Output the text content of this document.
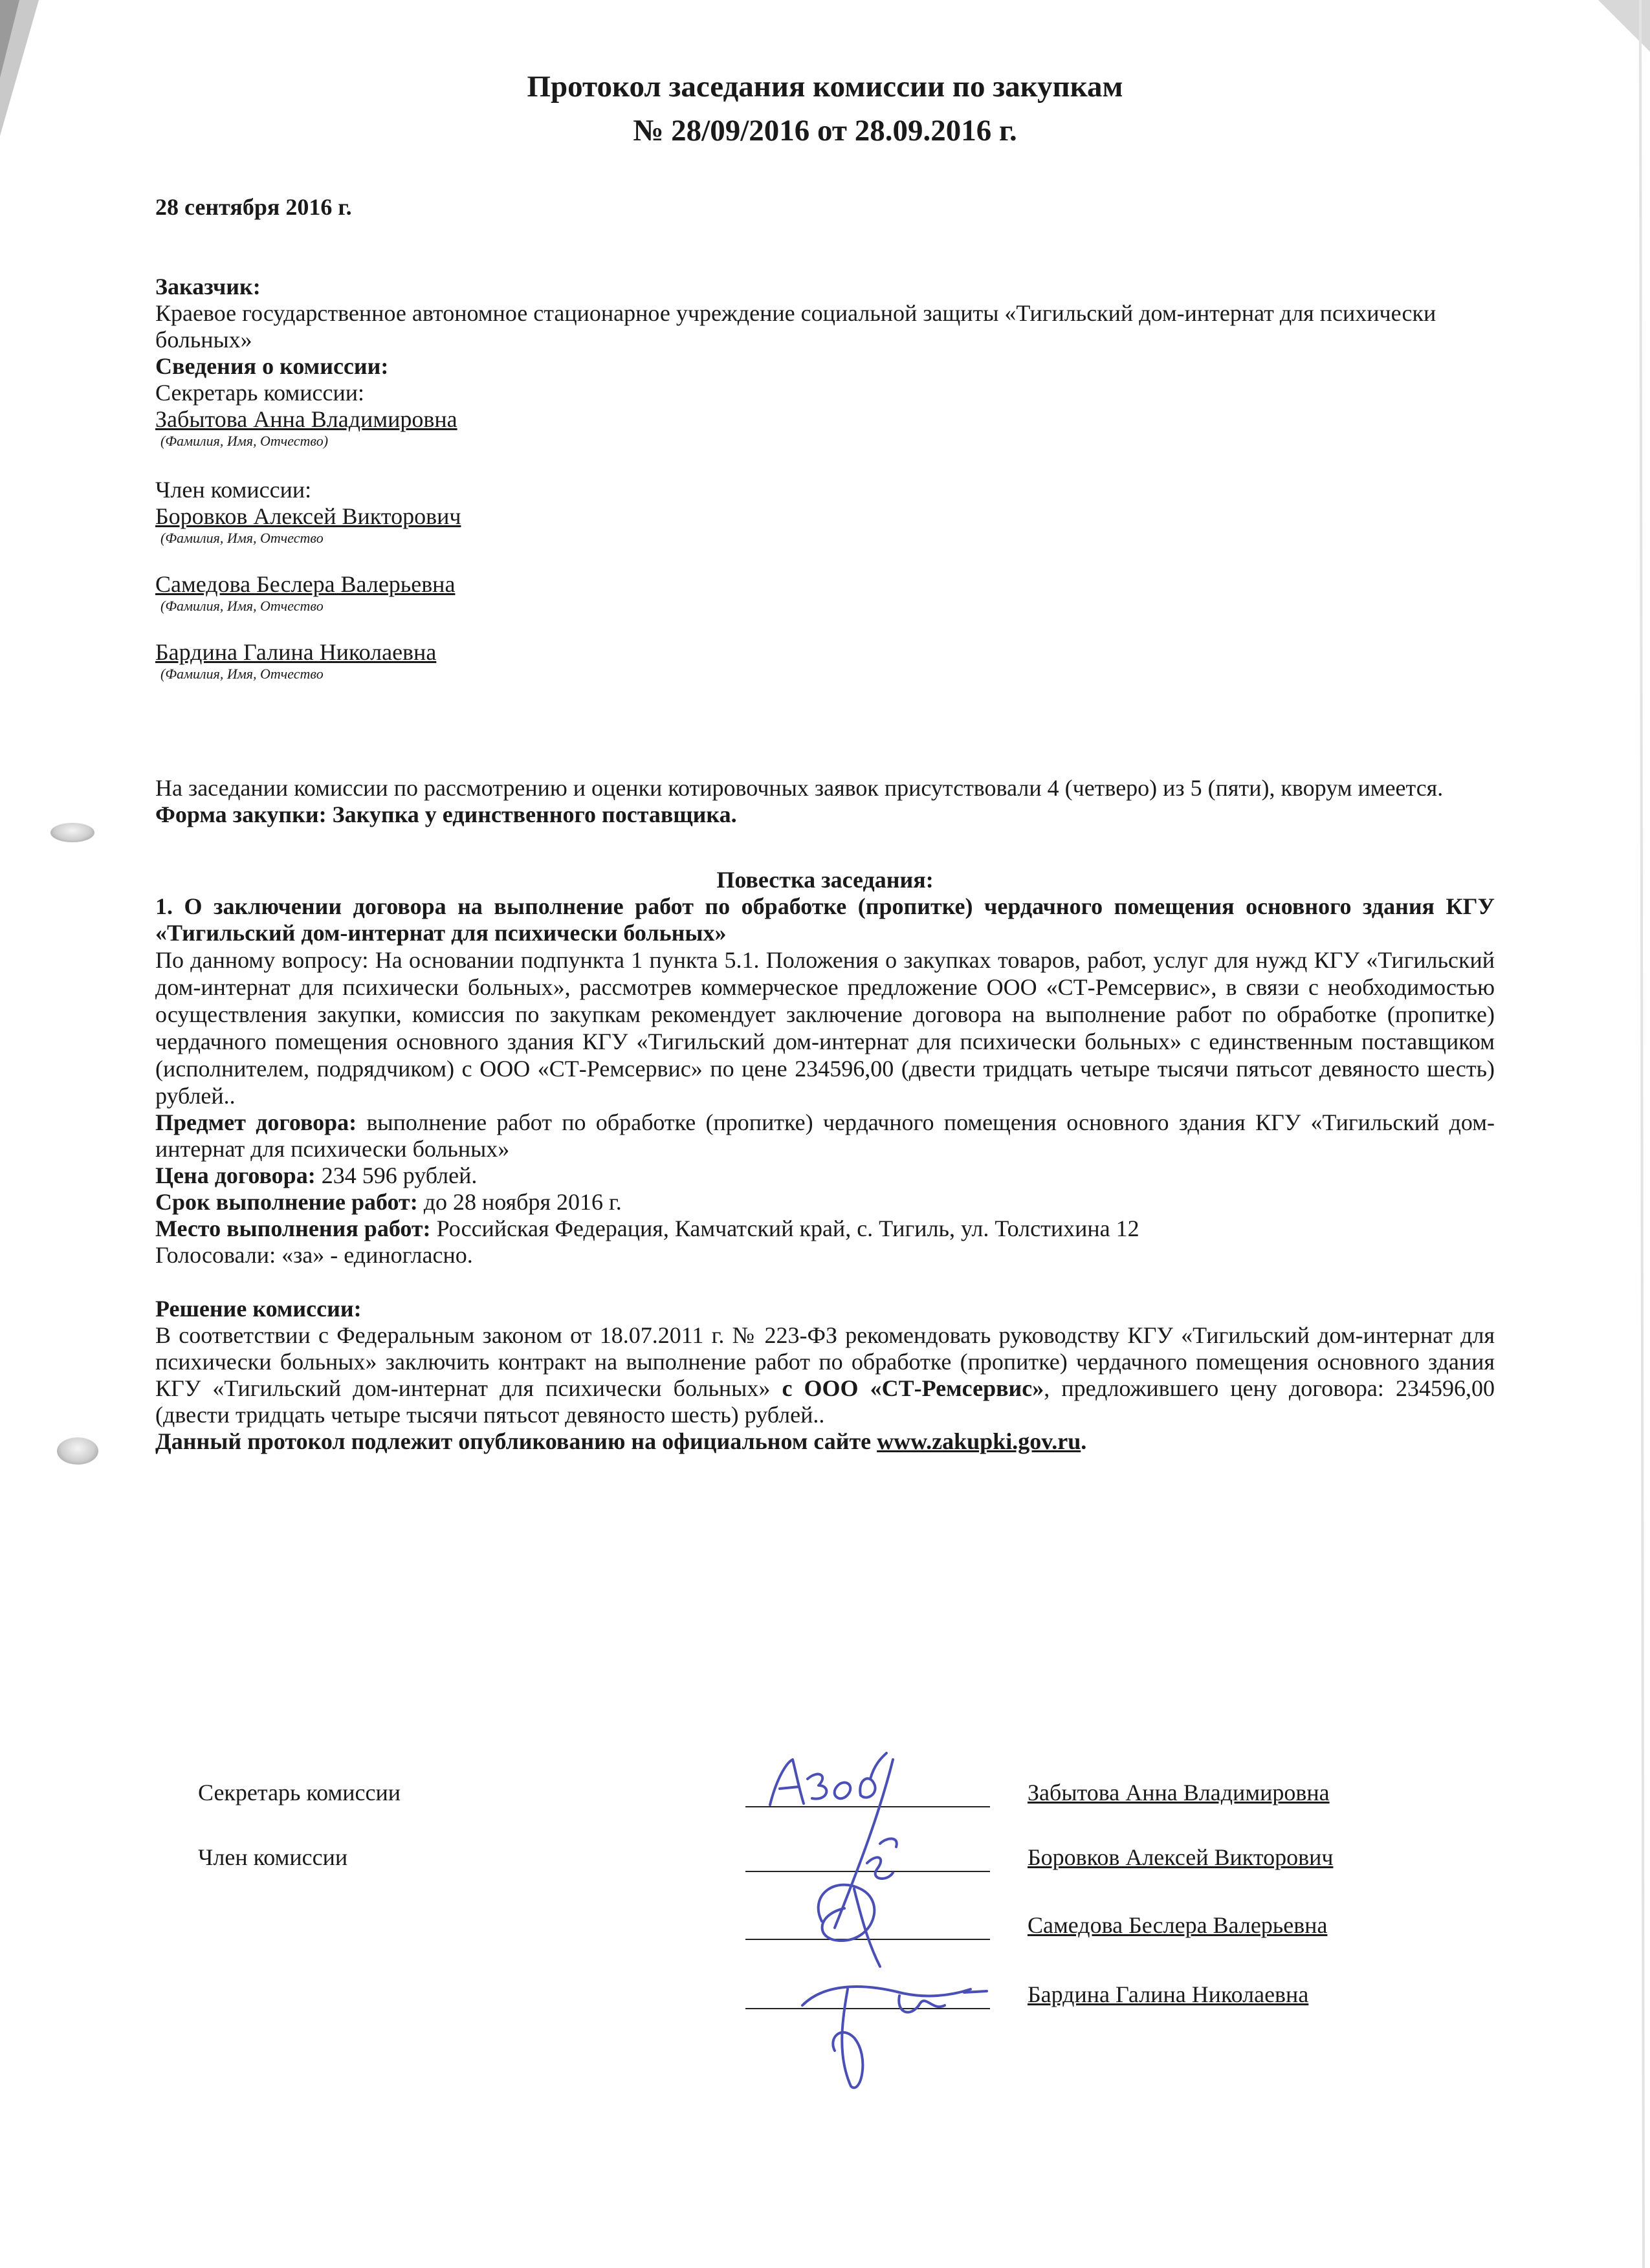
Протокол заседания комиссии по закупкам
№ 28/09/2016 от 28.09.2016 г.

28 сентября 2016 г.

Заказчик:

Краевое государственное автономное стационарное учреждение социальной защиты «Тигильский дом-интернат для психически больных»

Сведения о комиссии:

Секретарь комиссии:

Забытова Анна Владимировна

(Фамилия, Имя, Отчество)

Член комиссии:

Боровков Алексей Викторович

(Фамилия, Имя, Отчество

Самедова Беслера Валерьевна

(Фамилия, Имя, Отчество

Бардина Галина Николаевна

(Фамилия, Имя, Отчество

На заседании комиссии по рассмотрению и оценки котировочных заявок присутствовали 4 (четверо) из 5 (пяти), кворум имеется.

Форма закупки: Закупка у единственного поставщика.

Повестка заседания:

1. О заключении договора на выполнение работ по обработке (пропитке) чердачного помещения основного здания КГУ «Тигильский дом-интернат для психически больных»

По данному вопросу: На основании подпункта 1 пункта 5.1. Положения о закупках товаров, работ, услуг для нужд КГУ «Тигильский дом-интернат для психически больных», рассмотрев коммерческое предложение ООО «СТ-Ремсервис», в связи с необходимостью осуществления закупки, комиссия по закупкам рекомендует заключение договора на выполнение работ по обработке (пропитке) чердачного помещения основного здания КГУ «Тигильский дом-интернат для психически больных» с единственным поставщиком (исполнителем, подрядчиком) с ООО «СТ-Ремсервис» по цене 234596,00 (двести тридцать четыре тысячи пятьсот девяносто шесть) рублей..

Предмет договора: выполнение работ по обработке (пропитке) чердачного помещения основного здания КГУ «Тигильский дом-интернат для психически больных»

Цена договора: 234 596 рублей.

Срок выполнение работ: до 28 ноября 2016 г.

Место выполнения работ: Российская Федерация, Камчатский край, с. Тигиль, ул. Толстихина 12

Голосовали: «за» - единогласно.

Решение комиссии:

В соответствии с Федеральным законом от 18.07.2011 г. № 223-ФЗ рекомендовать руководству КГУ «Тигильский дом-интернат для психически больных» заключить контракт на выполнение работ по обработке (пропитке) чердачного помещения основного здания КГУ «Тигильский дом-интернат для психически больных» с ООО «СТ-Ремсервис», предложившего цену договора: 234596,00 (двести тридцать четыре тысячи пятьсот девяносто шесть) рублей..

Данный протокол подлежит опубликованию на официальном сайте www.zakupki.gov.ru.

Секретарь комиссии	Забытова Анна Владимировна
Член комиссии	Боровков Алексей Викторович
Самедова Беслера Валерьевна
Бардина Галина Николаевна
